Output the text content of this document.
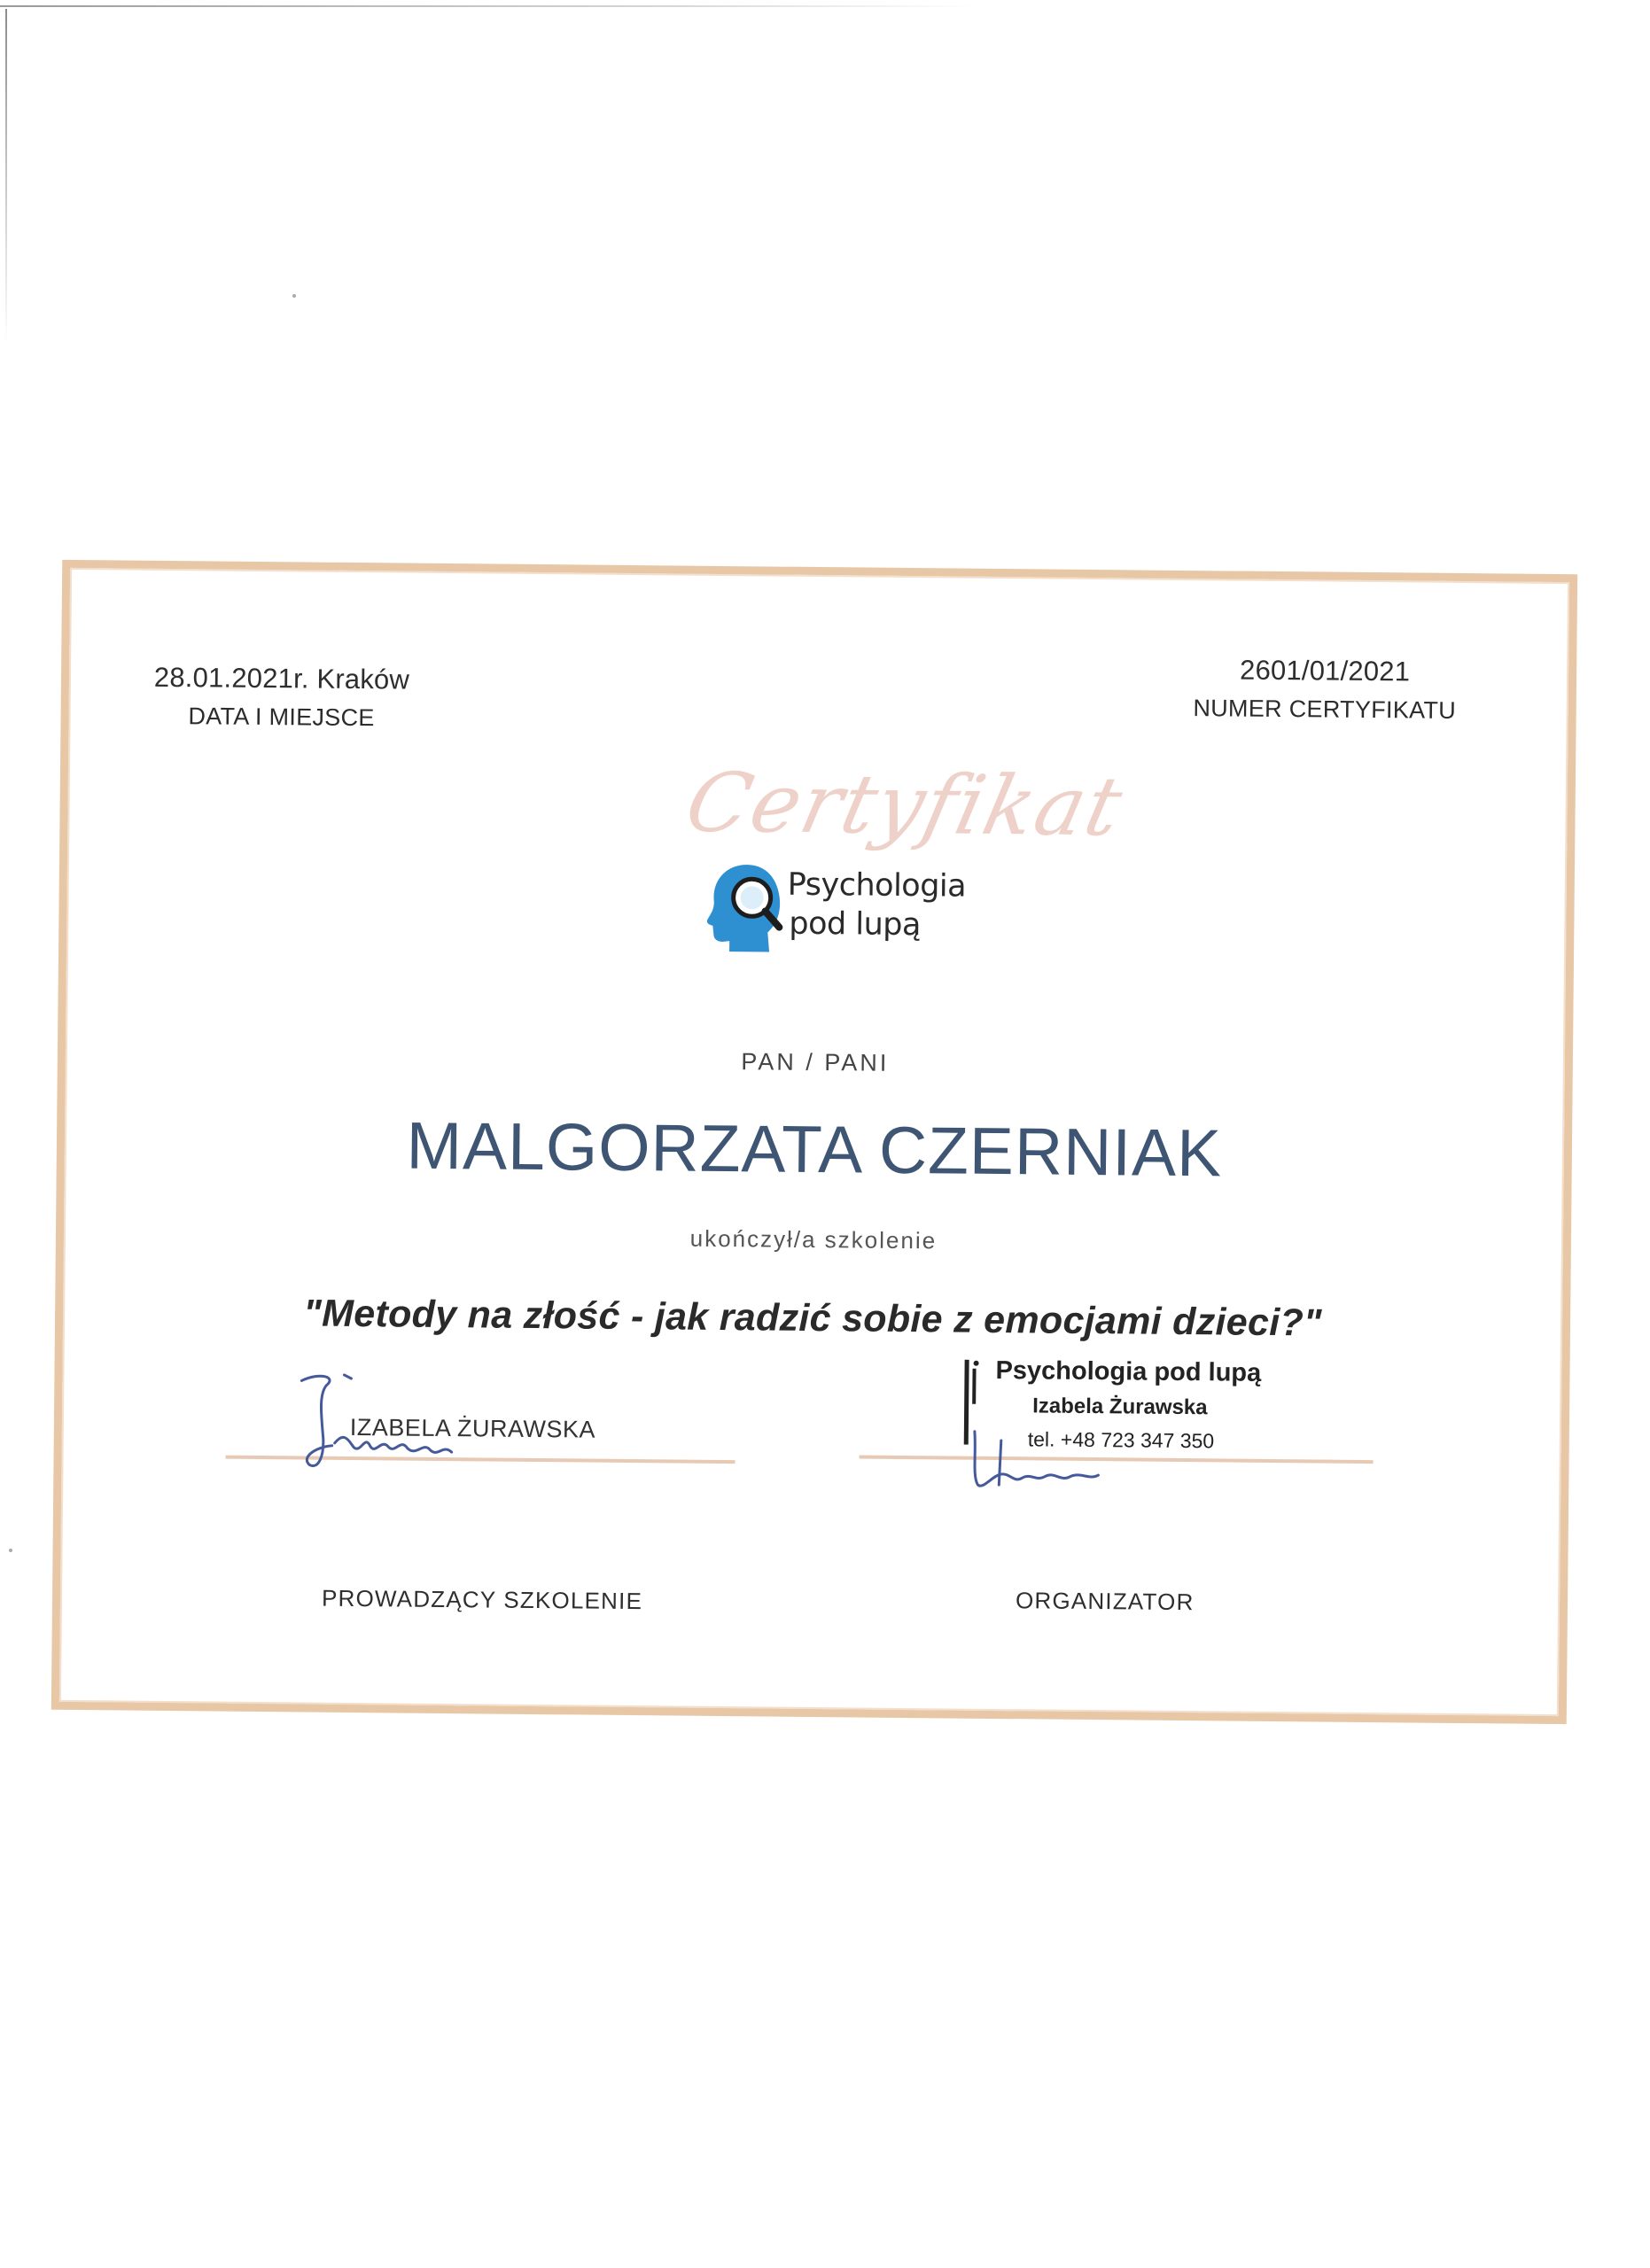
28.01.2021r. Kraków
DATA I MIEJSCE
2601/01/2021
NUMER CERTYFIKATU
Certyfikat
Psychologia
pod lupą
PAN / PANI
MALGORZATA CZERNIAK
ukończył/a szkolenie
"Metody na złość - jak radzić sobie z emocjami dzieci?"
IZABELA ŻURAWSKA
Psychologia pod lupą
Izabela Żurawska
tel. +48 723 347 350
PROWADZĄCY SZKOLENIE	ORGANIZATOR
